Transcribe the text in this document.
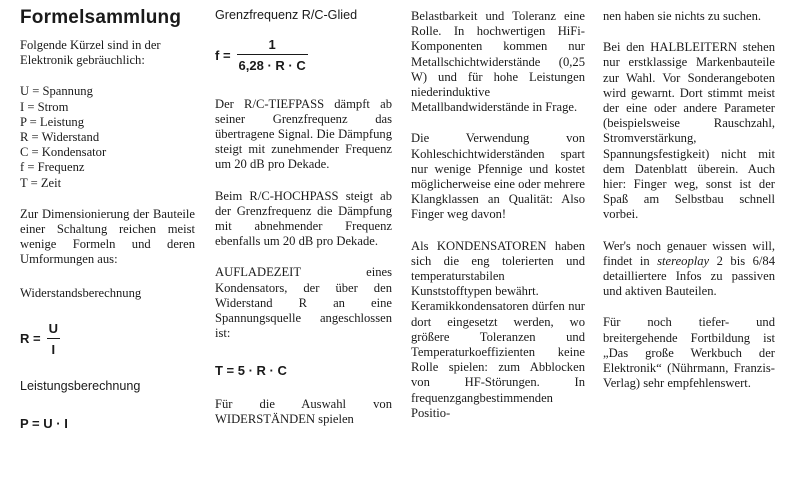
Formelsammlung

Folgende Kürzel sind in der Elektronik gebräuchlich:

U = Spannung
I = Strom
P = Leistung
R = Widerstand
C = Kondensator
f = Frequenz
T = Zeit

Zur Dimensionierung der Bauteile einer Schaltung reichen meist wenige Formeln und deren Umformungen aus:

Widerstandsberechnung

$R = \frac{U}{I}$

Leistungsberechnung

P = U · I

Grenzfrequenz R/C-Glied

$f = \frac{1}{6,28 \cdot R \cdot C}$

Der R/C-TIEFPASS dämpft ab seiner Grenzfrequenz das übertragene Signal. Die Dämpfung steigt mit zunehmender Frequenz um 20 dB pro Dekade.

Beim R/C-HOCHPASS steigt ab der Grenzfrequenz die Dämpfung mit abnehmender Frequenz ebenfalls um 20 dB pro Dekade.

AUFLADEZEIT eines Kondensators, der über den Widerstand R an eine Spannungsquelle angeschlossen ist:

T = 5 · R · C

Für die Auswahl von WIDERSTÄNDEN spielen

Belastbarkeit und Toleranz eine Rolle. In hochwertigen HiFi-Komponenten kommen nur Metallschichtwiderstände (0,25 W) und für hohe Leistungen niederinduktive Metallbandwiderstände in Frage.

Die Verwendung von Kohleschichtwiderständen spart nur wenige Pfennige und kostet möglicherweise eine oder mehrere Klangklassen an Qualität: Also Finger weg davon!

Als KONDENSATOREN haben sich die eng tolerierten und temperaturstabilen Kunststofftypen bewährt.

Keramikkondensatoren dürfen nur dort eingesetzt werden, wo größere Toleranzen und Temperaturkoeffizienten keine Rolle spielen: zum Abblocken von HF-Störungen. In frequenzgangbestimmenden Positio-

nen haben sie nichts zu suchen.

Bei den HALBLEITERN stehen nur erstklassige Markenbauteile zur Wahl. Vor Sonderangeboten wird gewarnt. Dort stimmt meist der eine oder andere Parameter (beispielsweise Rauschzahl, Stromverstärkung, Spannungsfestigkeit) nicht mit dem Datenblatt überein. Auch hier: Finger weg, sonst ist der Spaß am Selbstbau schnell vorbei.

Wer's noch genauer wissen will, findet in stereoplay 2 bis 6/84 detailliertere Infos zu passiven und aktiven Bauteilen.

Für noch tiefer- und breitergehende Fortbildung ist „Das große Werkbuch der Elektronik“ (Nührmann, Franzis-Verlag) sehr empfehlenswert.
